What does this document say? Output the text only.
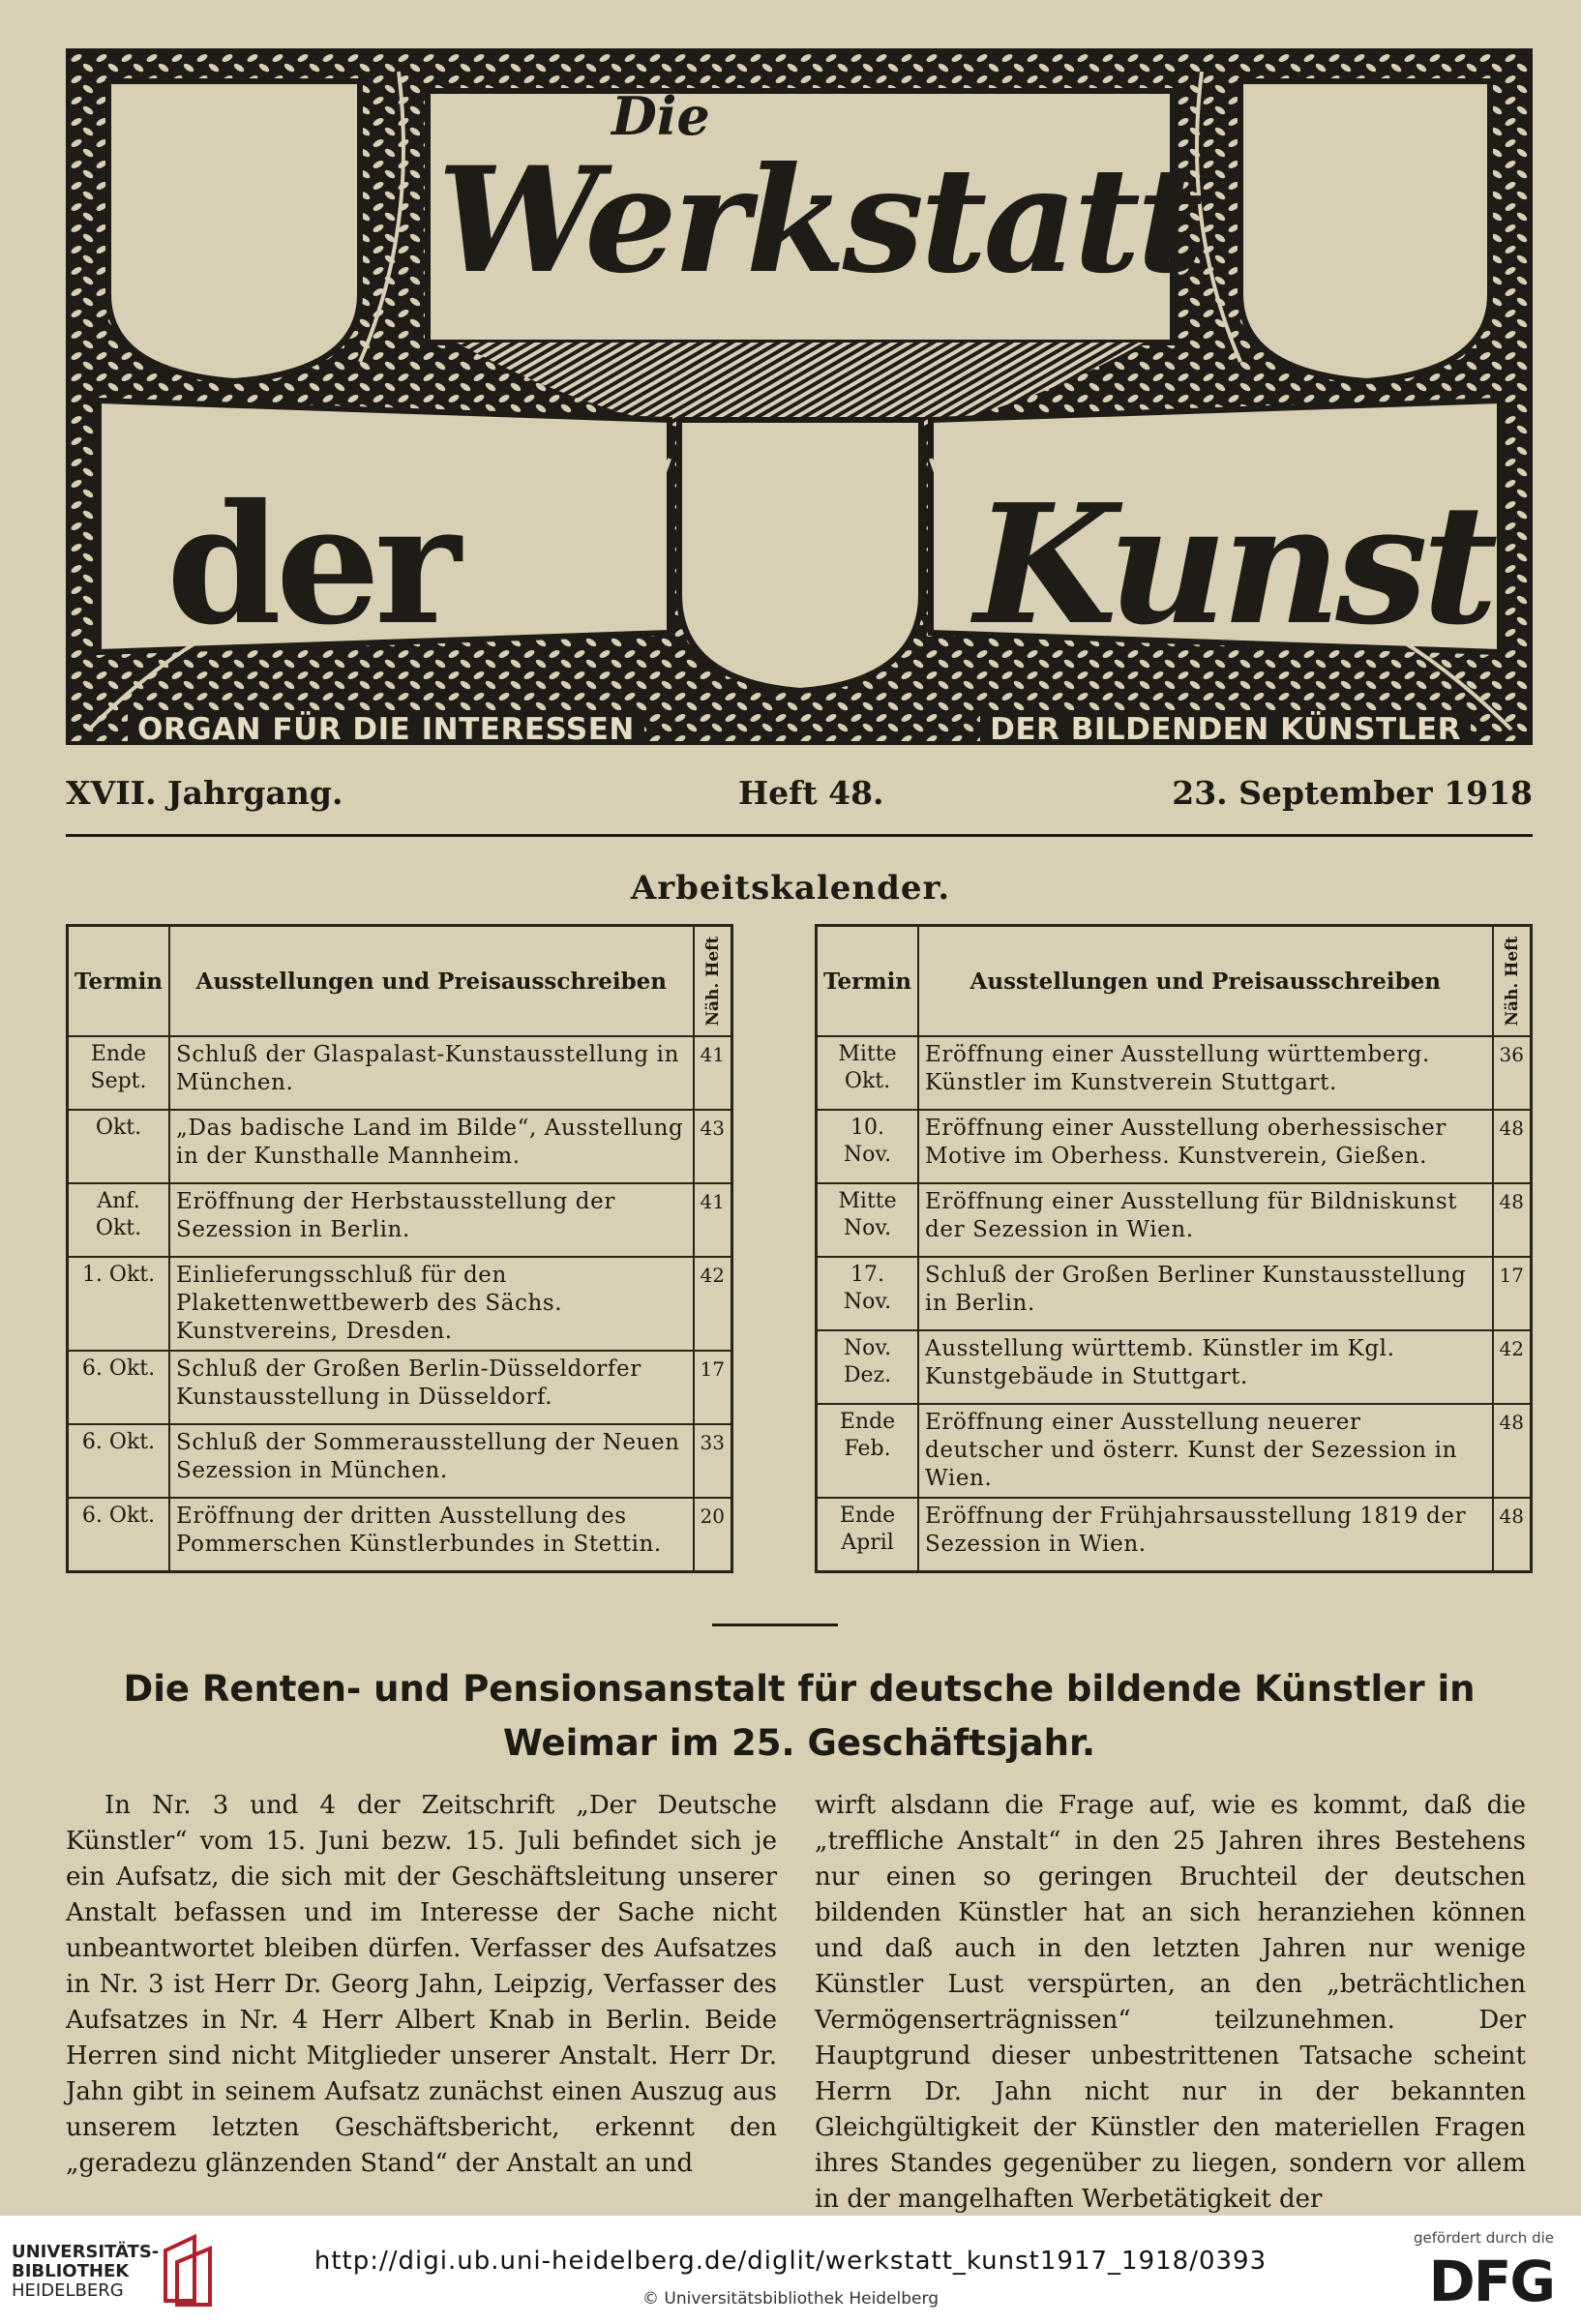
Die
Werkstatt
der	Kunst
ORGAN FÜR DIE INTERESSEN	DER BILDENDEN KÜNSTLER
XVII. Jahrgang.	Heft 48.	23. September 1918
Arbeitskalender.
Termin	Ausstellungen und Preisausschreiben	Näh. Heft
Ende Sept.	Schluß der Glaspalast-Kunstausstellung in München.	41
Okt.	„Das badische Land im Bilde“, Ausstellung in der Kunsthalle Mannheim.	43
Anf. Okt.	Eröffnung der Herbstausstellung der Sezession in Berlin.	41
1. Okt.	Einlieferungsschluß für den Plakettenwettbewerb des Sächs. Kunstvereins, Dresden.	42
6. Okt.	Schluß der Großen Berlin-Düsseldorfer Kunstausstellung in Düsseldorf.	17
6. Okt.	Schluß der Sommerausstellung der Neuen Sezession in München.	33
6. Okt.	Eröffnung der dritten Ausstellung des Pommerschen Künstlerbundes in Stettin.	20
Termin	Ausstellungen und Preisausschreiben	Näh. Heft
Mitte Okt.	Eröffnung einer Ausstellung württemberg. Künstler im Kunstverein Stuttgart.	36
10. Nov.	Eröffnung einer Ausstellung oberhessischer Motive im Oberhess. Kunstverein, Gießen.	48
Mitte Nov.	Eröffnung einer Ausstellung für Bildniskunst der Sezession in Wien.	48
17. Nov.	Schluß der Großen Berliner Kunstausstellung in Berlin.	17
Nov. Dez.	Ausstellung württemb. Künstler im Kgl. Kunstgebäude in Stuttgart.	42
Ende Feb.	Eröffnung einer Ausstellung neuerer deutscher und österr. Kunst der Sezession in Wien.	48
Ende April	Eröffnung der Frühjahrsausstellung 1819 der Sezession in Wien.	48
Die Renten- und Pensionsanstalt für deutsche bildende Künstler in Weimar im 25. Geschäftsjahr.

In Nr. 3 und 4 der Zeitschrift „Der Deutsche Künstler“ vom 15. Juni bezw. 15. Juli befindet sich je ein Aufsatz, die sich mit der Geschäftsleitung unserer Anstalt befassen und im Interesse der Sache nicht unbeantwortet bleiben dürfen. Verfasser des Aufsatzes in Nr. 3 ist Herr Dr. Georg Jahn, Leipzig, Verfasser des Aufsatzes in Nr. 4 Herr Albert Knab in Berlin. Beide Herren sind nicht Mitglieder unserer Anstalt. Herr Dr. Jahn gibt in seinem Aufsatz zunächst einen Auszug aus unserem letzten Geschäftsbericht, erkennt den „geradezu glänzenden Stand“ der Anstalt an und

wirft alsdann die Frage auf, wie es kommt, daß die „treffliche Anstalt“ in den 25 Jahren ihres Bestehens nur einen so geringen Bruchteil der deutschen bildenden Künstler hat an sich heranziehen können und daß auch in den letzten Jahren nur wenige Künstler Lust verspürten, an den „beträchtlichen Vermögenserträgnissen“ teilzunehmen. Der Hauptgrund dieser unbestrittenen Tatsache scheint Herrn Dr. Jahn nicht nur in der bekannten Gleichgültigkeit der Künstler den materiellen Fragen ihres Standes gegenüber zu liegen, sondern vor allem in der mangelhaften Werbetätigkeit der

UNIVERSITÄTS-
BIBLIOTHEK
HEIDELBERG
http://digi.ub.uni-heidelberg.de/diglit/werkstatt_kunst1917_1918/0393
© Universitätsbibliothek Heidelberg
gefördert durch die
DFG
